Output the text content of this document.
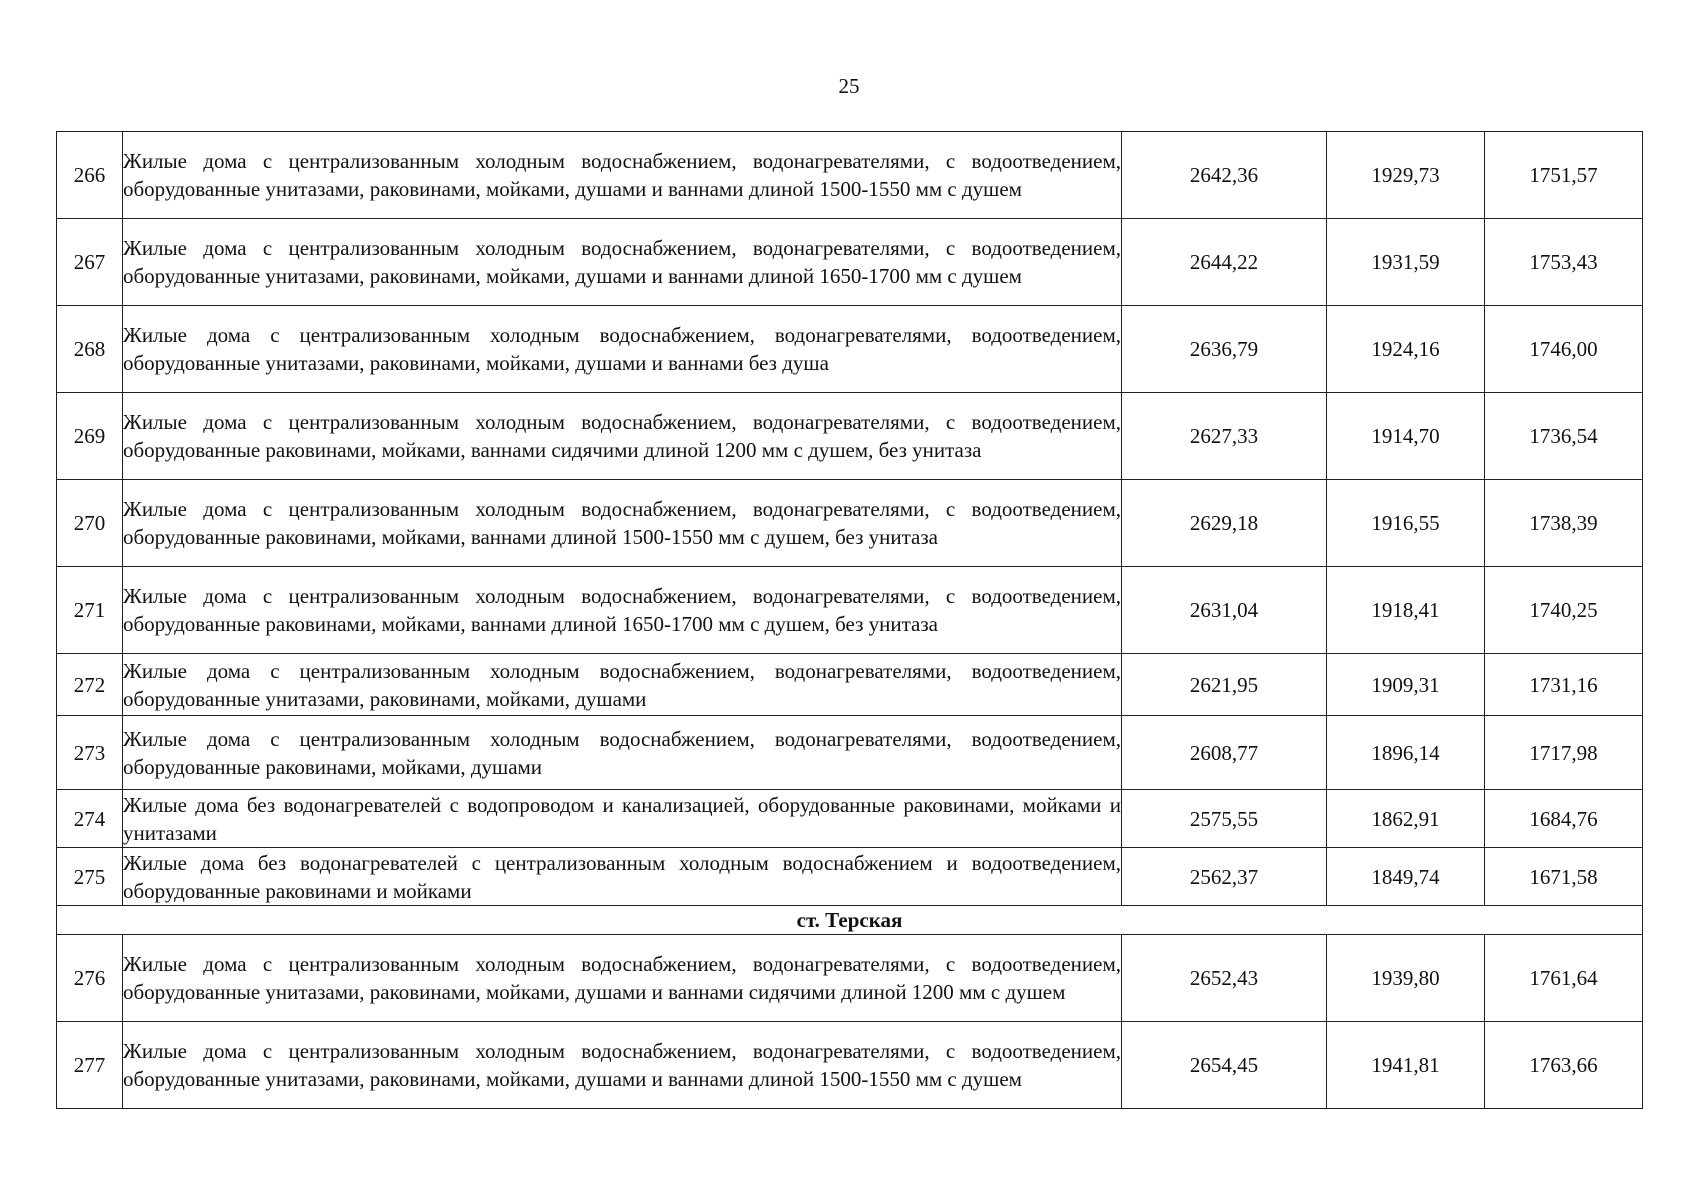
25
266	Жилые дома с централизованным холодным водоснабжением, водонагревателями, с водоотведением, оборудованные унитазами, раковинами, мойками, душами и ваннами длиной 1500-1550 мм с душем	2642,36	1929,73	1751,57
267	Жилые дома с централизованным холодным водоснабжением, водонагревателями, с водоотведением, оборудованные унитазами, раковинами, мойками, душами и ваннами длиной 1650-1700 мм с душем	2644,22	1931,59	1753,43
268	Жилые дома с централизованным холодным водоснабжением, водонагревателями, водоотведением, оборудованные унитазами, раковинами, мойками, душами и ваннами без душа	2636,79	1924,16	1746,00
269	Жилые дома с централизованным холодным водоснабжением, водонагревателями, с водоотведением, оборудованные раковинами, мойками, ваннами сидячими длиной 1200 мм с душем, без унитаза	2627,33	1914,70	1736,54
270	Жилые дома с централизованным холодным водоснабжением, водонагревателями, с водоотведением, оборудованные раковинами, мойками, ваннами длиной 1500-1550 мм с душем, без унитаза	2629,18	1916,55	1738,39
271	Жилые дома с централизованным холодным водоснабжением, водонагревателями, с водоотведением, оборудованные раковинами, мойками, ваннами длиной 1650-1700 мм с душем, без унитаза	2631,04	1918,41	1740,25
272	Жилые дома с централизованным холодным водоснабжением, водонагревателями, водоотведением, оборудованные унитазами, раковинами, мойками, душами	2621,95	1909,31	1731,16
273	Жилые дома с централизованным холодным водоснабжением, водонагревателями, водоотведением, оборудованные раковинами, мойками, душами	2608,77	1896,14	1717,98
274	Жилые дома без водонагревателей с водопроводом и канализацией, оборудованные раковинами, мойками и унитазами	2575,55	1862,91	1684,76
275	Жилые дома без водонагревателей с централизованным холодным водоснабжением и водоотведением, оборудованные раковинами и мойками	2562,37	1849,74	1671,58
ст. Терская				
276	Жилые дома с централизованным холодным водоснабжением, водонагревателями, с водоотведением, оборудованные унитазами, раковинами, мойками, душами и ваннами сидячими длиной 1200 мм с душем	2652,43	1939,80	1761,64
277	Жилые дома с централизованным холодным водоснабжением, водонагревателями, с водоотведением, оборудованные унитазами, раковинами, мойками, душами и ваннами длиной 1500-1550 мм с душем	2654,45	1941,81	1763,66
